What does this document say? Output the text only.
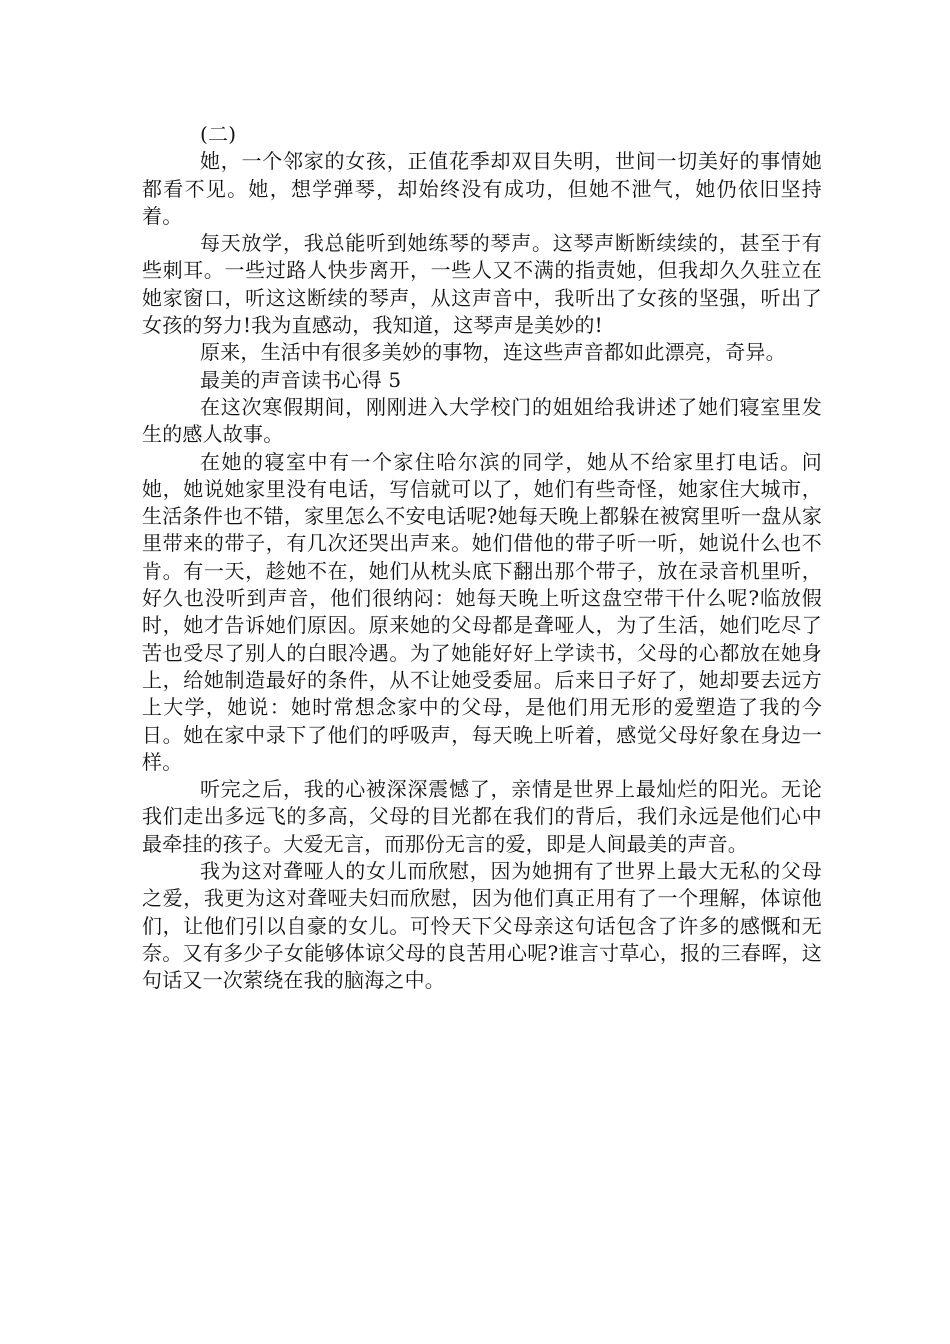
(二)

她，一个邻家的女孩，正值花季却双目失明，世间一切美好的事情她都看不见。她，想学弹琴，却始终没有成功，但她不泄气，她仍依旧坚持着。

每天放学，我总能听到她练琴的琴声。这琴声断断续续的，甚至于有些刺耳。一些过路人快步离开，一些人又不满的指责她，但我却久久驻立在她家窗口，听这这断续的琴声，从这声音中，我听出了女孩的坚强，听出了女孩的努力!我为直感动，我知道，这琴声是美妙的!

原来，生活中有很多美妙的事物，连这些声音都如此漂亮，奇异。

最美的声音读书心得 5

在这次寒假期间，刚刚进入大学校门的姐姐给我讲述了她们寝室里发生的感人故事。

在她的寝室中有一个家住哈尔滨的同学，她从不给家里打电话。问她，她说她家里没有电话，写信就可以了，她们有些奇怪，她家住大城市，生活条件也不错，家里怎么不安电话呢?她每天晚上都躲在被窝里听一盘从家里带来的带子，有几次还哭出声来。她们借他的带子听一听，她说什么也不肯。有一天，趁她不在，她们从枕头底下翻出那个带子，放在录音机里听，好久也没听到声音，他们很纳闷：她每天晚上听这盘空带干什么呢?临放假时，她才告诉她们原因。原来她的父母都是聋哑人，为了生活，她们吃尽了苦也受尽了别人的白眼冷遇。为了她能好好上学读书，父母的心都放在她身上，给她制造最好的条件，从不让她受委屈。后来日子好了，她却要去远方上大学，她说：她时常想念家中的父母，是他们用无形的爱塑造了我的今日。她在家中录下了他们的呼吸声，每天晚上听着，感觉父母好象在身边一样。

听完之后，我的心被深深震憾了，亲情是世界上最灿烂的阳光。无论我们走出多远飞的多高，父母的目光都在我们的背后，我们永远是他们心中最牵挂的孩子。大爱无言，而那份无言的爱，即是人间最美的声音。

我为这对聋哑人的女儿而欣慰，因为她拥有了世界上最大无私的父母之爱，我更为这对聋哑夫妇而欣慰，因为他们真正用有了一个理解，体谅他们，让他们引以自豪的女儿。可怜天下父母亲这句话包含了许多的感慨和无奈。又有多少子女能够体谅父母的良苦用心呢?谁言寸草心，报的三春晖，这句话又一次萦绕在我的脑海之中。
